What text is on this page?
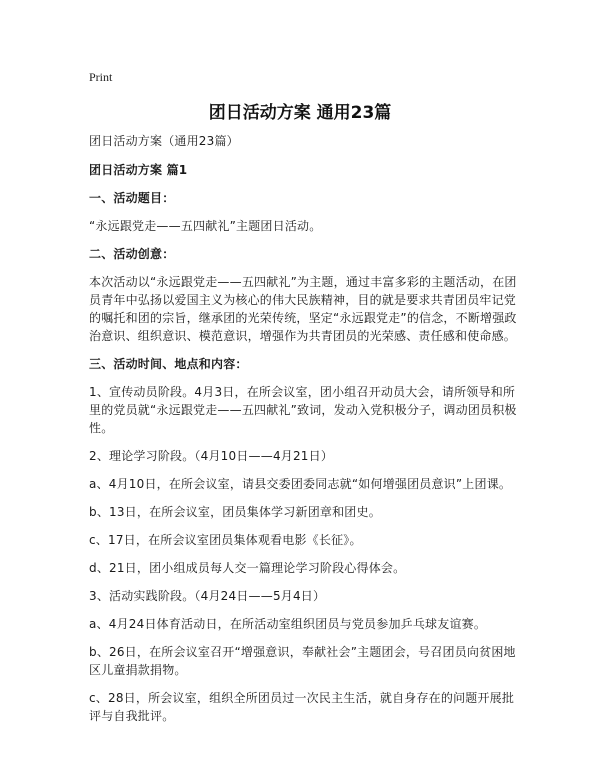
Print
团日活动方案 通用23篇

团日活动方案（通用23篇）

团日活动方案 篇1

一、活动题目：

“永远跟党走——五四献礼”主题团日活动。

二、活动创意：

本次活动以“永远跟党走——五四献礼”为主题，通过丰富多彩的主题活动，在团员青年中弘扬以爱国主义为核心的伟大民族精神，目的就是要求共青团员牢记党的嘱托和团的宗旨，继承团的光荣传统，坚定“永远跟党走”的信念，不断增强政治意识、组织意识、模范意识，增强作为共青团员的光荣感、责任感和使命感。

三、活动时间、地点和内容：

1、宣传动员阶段。4月3日，在所会议室，团小组召开动员大会，请所领导和所里的党员就“永远跟党走——五四献礼”致词，发动入党积极分子，调动团员积极性。

2、理论学习阶段。（4月10日——4月21日）

a、4月10日，在所会议室，请县交委团委同志就“如何增强团员意识”上团课。

b、13日，在所会议室，团员集体学习新团章和团史。

c、17日，在所会议室团员集体观看电影《长征》。

d、21日，团小组成员每人交一篇理论学习阶段心得体会。

3、活动实践阶段。（4月24日——5月4日）

a、4月24日体育活动日，在所活动室组织团员与党员参加乒乓球友谊赛。

b、26日，在所会议室召开“增强意识，奉献社会”主题团会，号召团员向贫困地区儿童捐款捐物。

c、28日，所会议室，组织全所团员过一次民主生活，就自身存在的问题开展批评与自我批评。
